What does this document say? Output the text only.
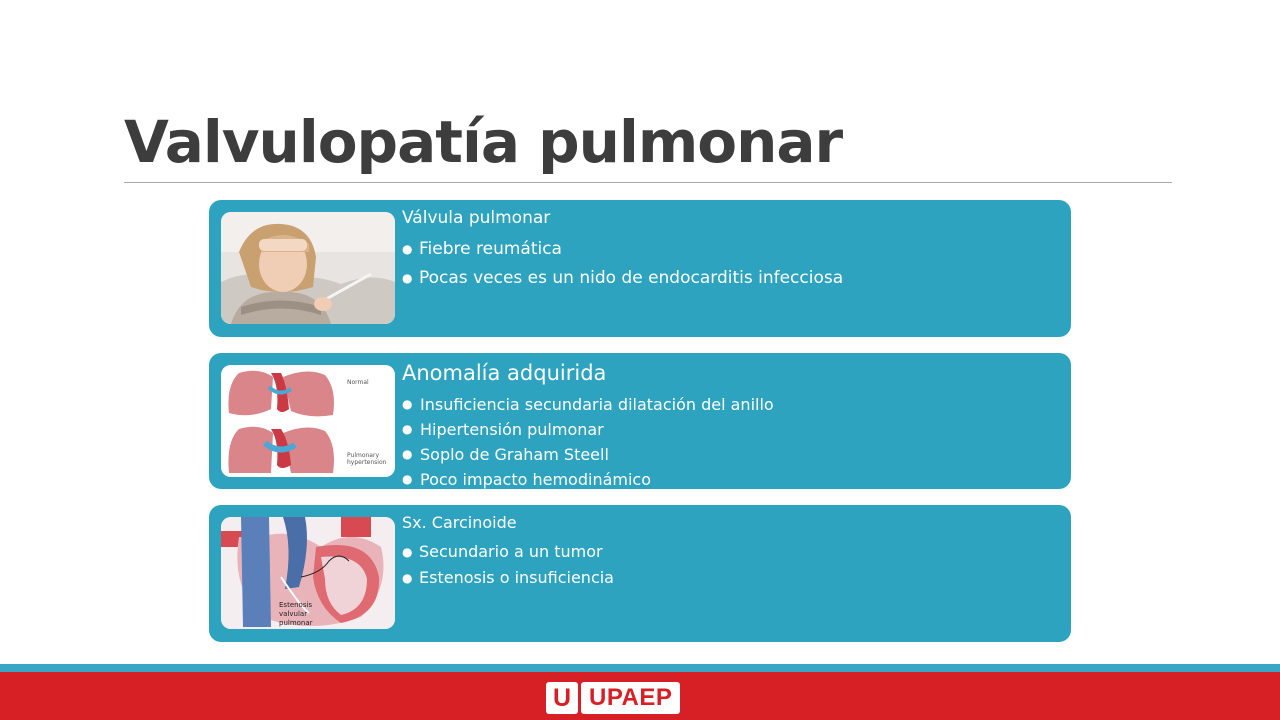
Valvulopatía pulmonar
Válvula pulmonar
● Fiebre reumática
● Pocas veces es un nido de endocarditis infecciosa
Normal
Pulmonary
hypertension
Anomalía adquirida
● Insuficiencia secundaria dilatación del anillo
● Hipertensión pulmonar
● Soplo de Graham Steell
● Poco impacto hemodinámico
Estenosis
valvular
pulmonar
Sx. Carcinoide
● Secundario a un tumor
● Estenosis o insuficiencia
U UPAEP
